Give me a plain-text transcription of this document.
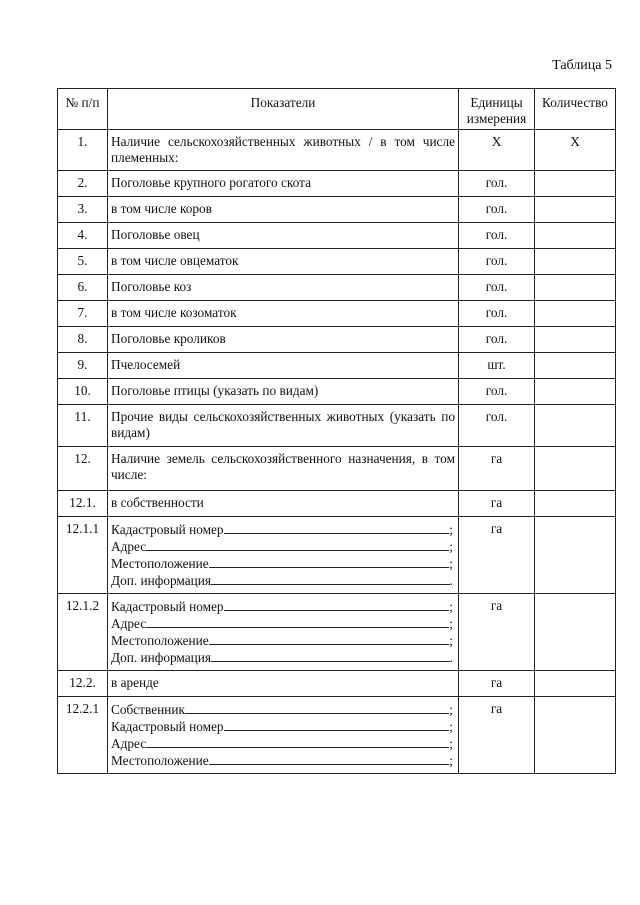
Таблица 5
№ п/п	Показатели	Единицы измерения	Количество
1.	Наличие сельскохозяйственных животных / в том числе племенных:	Х	Х
2.	Поголовье крупного рогатого скота	гол.	
3.	в том числе коров	гол.	
4.	Поголовье овец	гол.	
5.	в том числе овцематок	гол.	
6.	Поголовье коз	гол.	
7.	в том числе козоматок	гол.	
8.	Поголовье кроликов	гол.	
9.	Пчелосемей	шт.	
10.	Поголовье птицы (указать по видам)	гол.	
11.	Прочие виды сельскохозяйственных животных (указать по видам)	гол.	
12.	Наличие земель сельскохозяйственного назначения, в том числе:	га	
12.1.	в собственности	га	
12.1.1	Кадастровый номер ;
Адрес ;
Местоположение ;
Доп. информация .	га	
12.1.2	Кадастровый номер ;
Адрес ;
Местоположение ;
Доп. информация .	га	
12.2.	в аренде	га	
12.2.1	Собственник ;
Кадастровый номер ;
Адрес ;
Местоположение ;	га	
